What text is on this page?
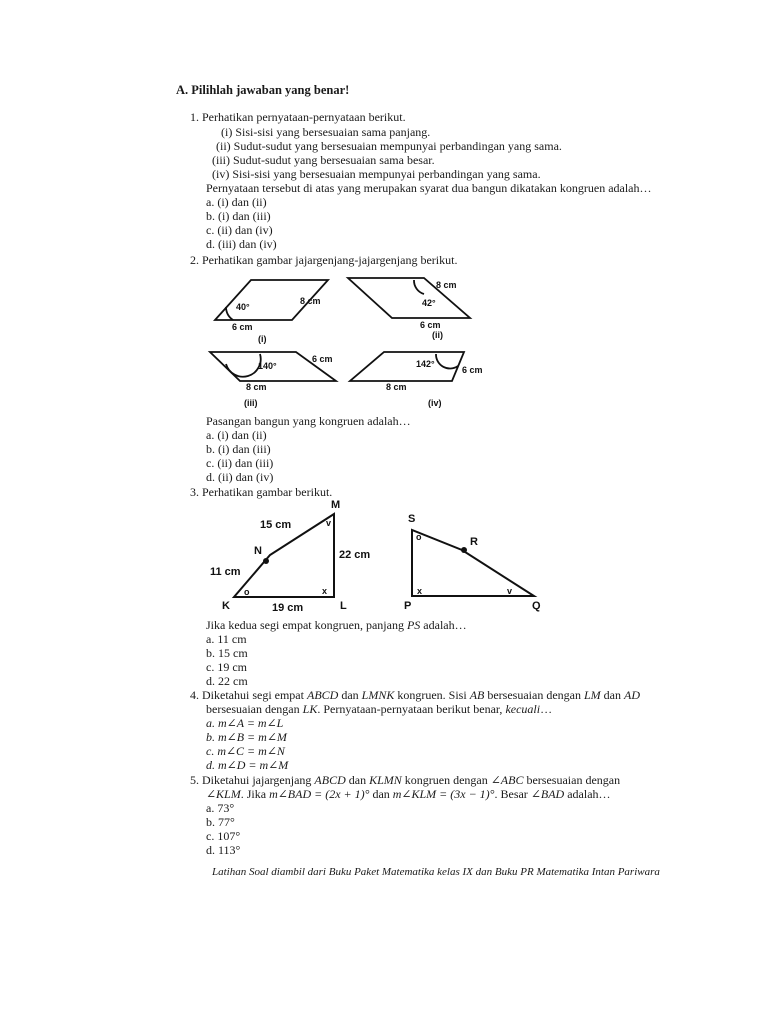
A. Pilihlah jawaban yang benar!
1. Perhatikan pernyataan-pernyataan berikut.
(i) Sisi-sisi yang bersesuaian sama panjang.
(ii) Sudut-sudut yang bersesuaian mempunyai perbandingan yang sama.
(iii) Sudut-sudut yang bersesuaian sama besar.
(iv) Sisi-sisi yang bersesuaian mempunyai perbandingan yang sama.
Pernyataan tersebut di atas yang merupakan syarat dua bangun dikatakan kongruen adalah…
a. (i) dan (ii)
b. (i) dan (iii)
c. (ii) dan (iv)
d. (iii) dan (iv)
2. Perhatikan gambar jajargenjang-jajargenjang berikut.
40°
8 cm
6 cm
(i)
8 cm
42°
6 cm
(ii)
140°
6 cm
8 cm
(iii)
142°
6 cm
8 cm
(iv)
Pasangan bangun yang kongruen adalah…
a. (i) dan (ii)
b. (i) dan (iii)
c. (ii) dan (iii)
d. (ii) dan (iv)
3. Perhatikan gambar berikut.
M
N
K	L
15 cm
22 cm
11 cm
19 cm
S
R
P	Q
v
x
o
o
x	v
Jika kedua segi empat kongruen, panjang PS adalah…
a. 11 cm
b. 15 cm
c. 19 cm
d. 22 cm
4. Diketahui segi empat ABCD dan LMNK kongruen. Sisi AB bersesuaian dengan LM dan AD
bersesuaian dengan LK. Pernyataan-pernyataan berikut benar, kecuali…
a. m∠A = m∠L
b. m∠B = m∠M
c. m∠C = m∠N
d. m∠D = m∠M
5. Diketahui jajargenjang ABCD dan KLMN kongruen dengan ∠ABC bersesuaian dengan
∠KLM. Jika m∠BAD = (2x + 1)° dan m∠KLM = (3x − 1)°. Besar ∠BAD adalah…
a. 73°
b. 77°
c. 107°
d. 113°
Latihan Soal diambil dari Buku Paket Matematika kelas IX dan Buku PR Matematika Intan Pariwara
